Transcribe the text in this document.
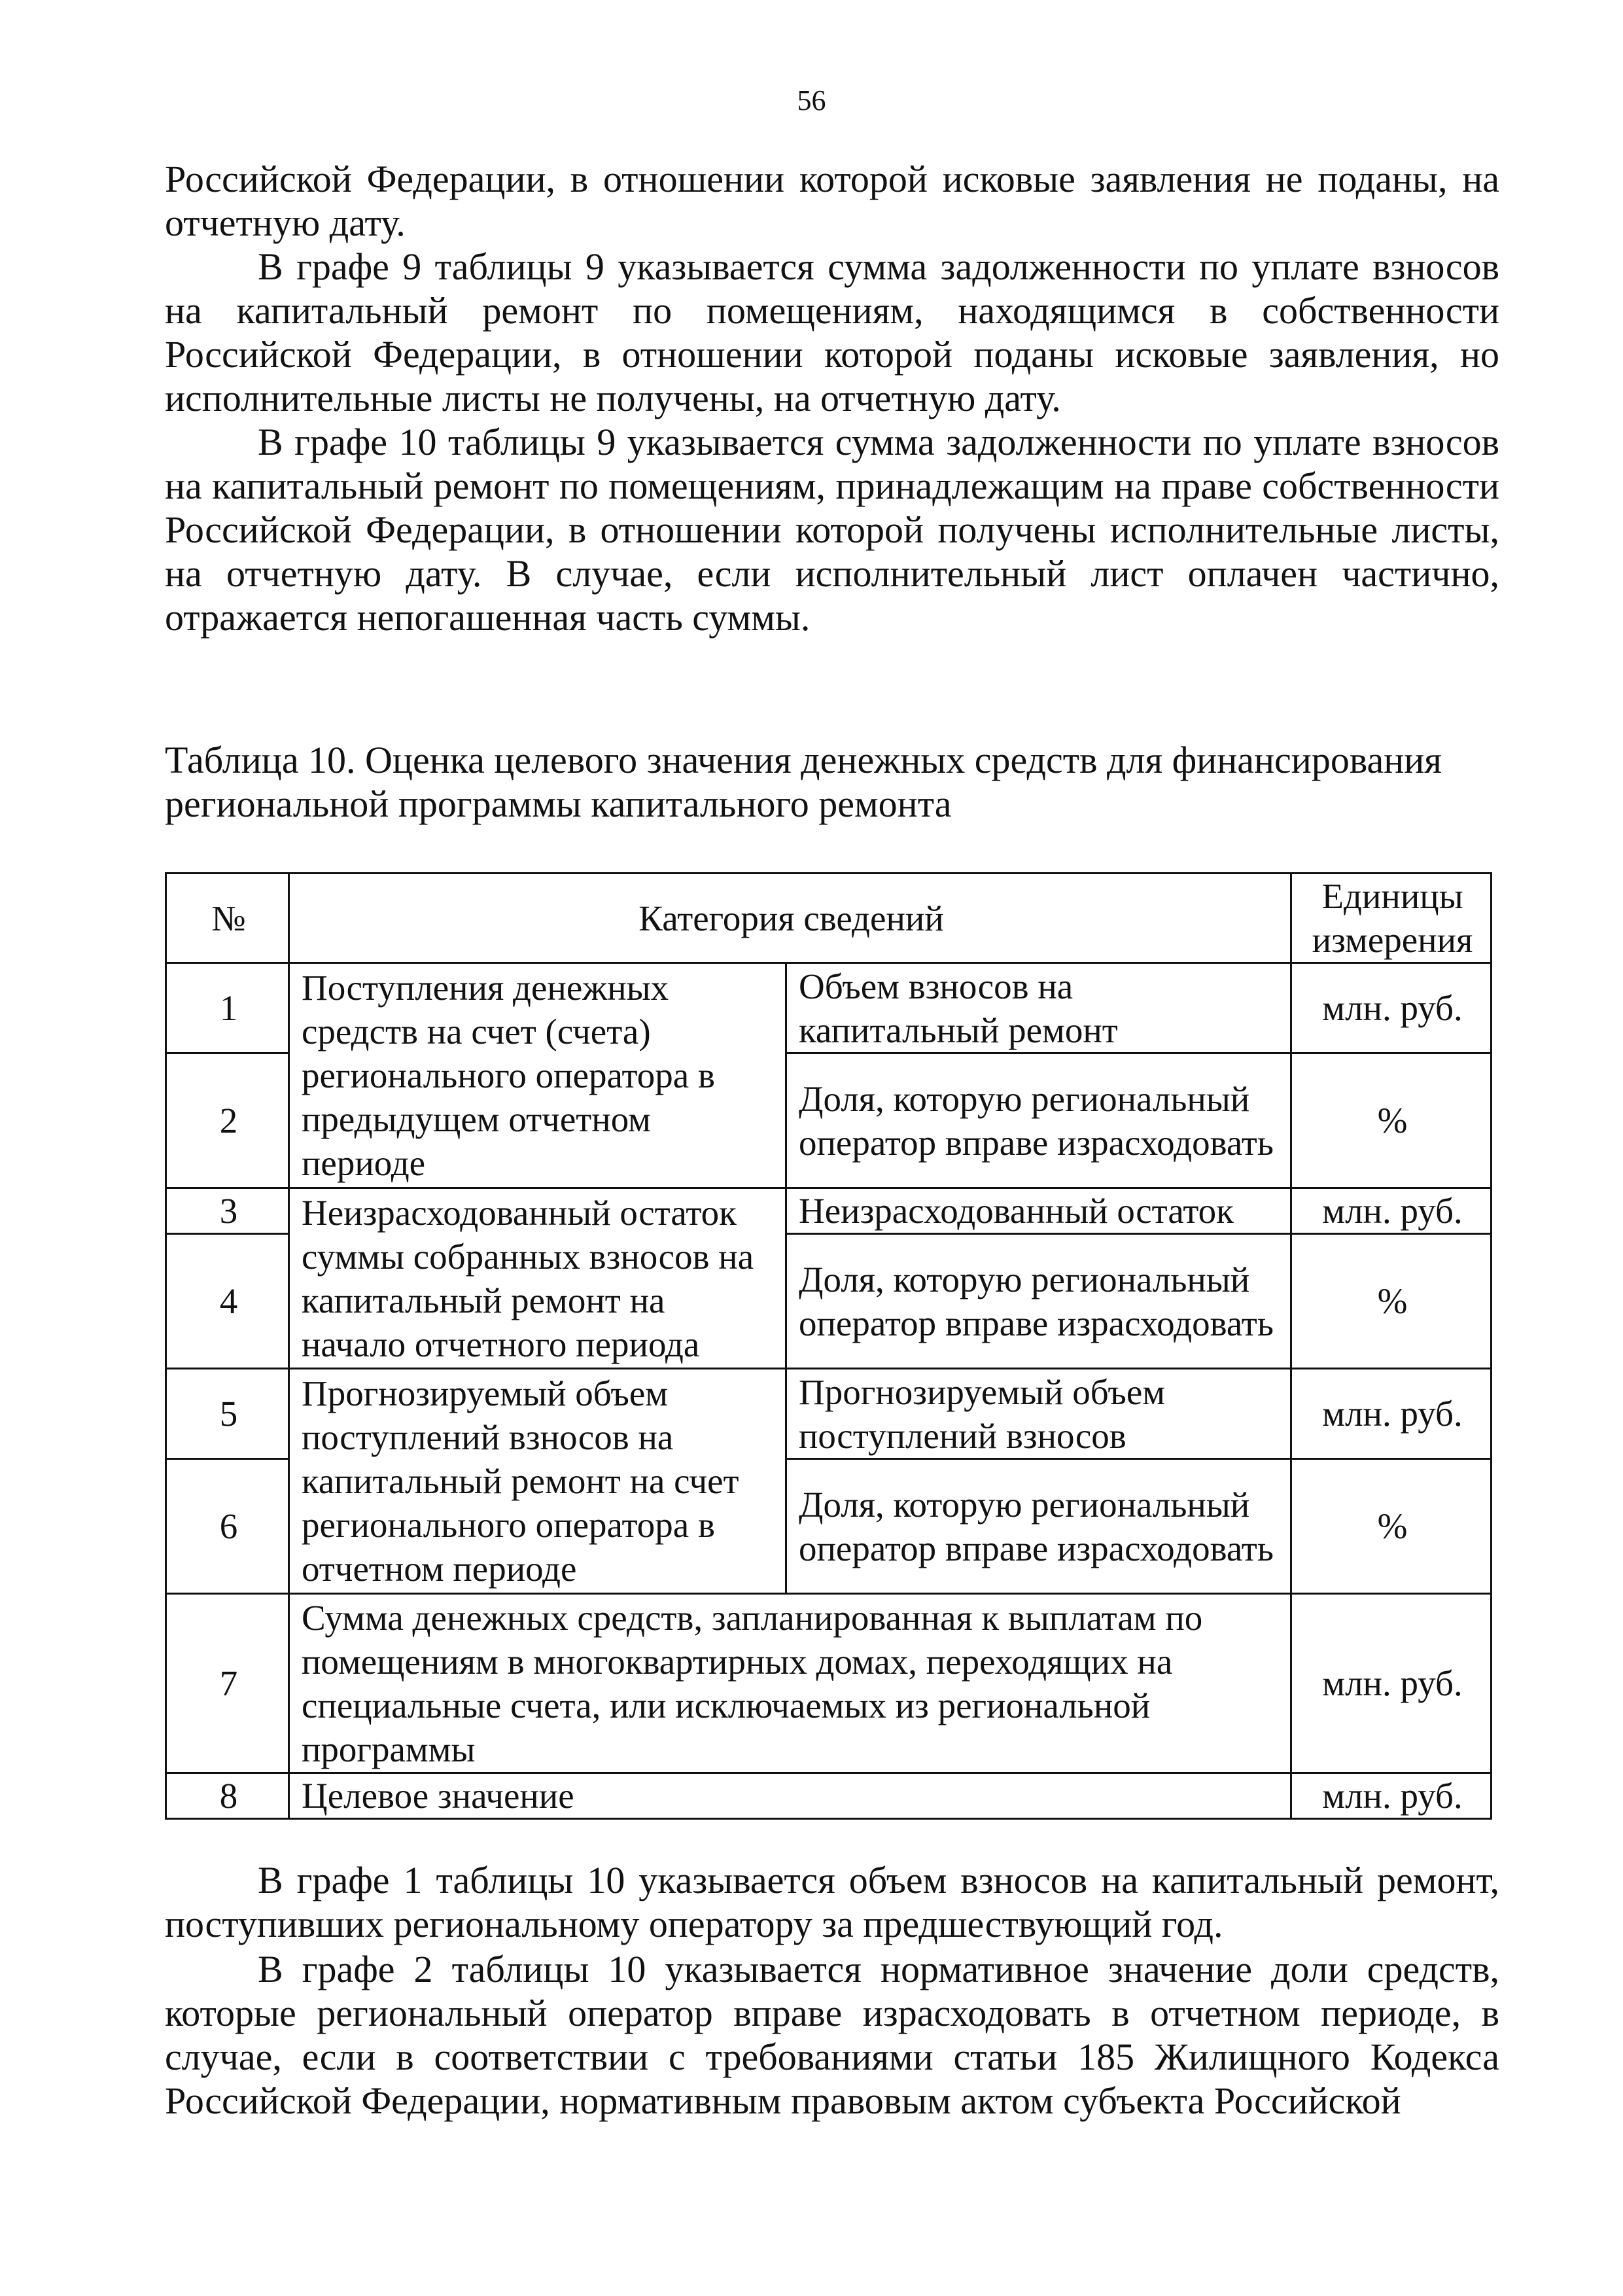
56

Российской Федерации, в отношении которой исковые заявления не поданы, на отчетную дату.

В графе 9 таблицы 9 указывается сумма задолженности по уплате взносов на капитальный ремонт по помещениям, находящимся в собственности Российской Федерации, в отношении которой поданы исковые заявления, но исполнительные листы не получены, на отчетную дату.

В графе 10 таблицы 9 указывается сумма задолженности по уплате взносов на капитальный ремонт по помещениям, принадлежащим на праве собственности Российской Федерации, в отношении которой получены исполнительные листы, на отчетную дату. В случае, если исполнительный лист оплачен частично, отражается непогашенная часть суммы.

Таблица 10. Оценка целевого значения денежных средств для финансирования региональной программы капитального ремонта

№	Категория сведений		Единицы измерения
1	Поступления денежных средств на счет (счета) регионального оператора в предыдущем отчетном периоде	Объем взносов на капитальный ремонт	млн. руб.
2		Доля, которую региональный оператор вправе израсходовать	%
3	Неизрасходованный остаток суммы собранных взносов на капитальный ремонт на начало отчетного периода	Неизрасходованный остаток	млн. руб.
4		Доля, которую региональный оператор вправе израсходовать	%
5	Прогнозируемый объем поступлений взносов на капитальный ремонт на счет регионального оператора в отчетном периоде	Прогнозируемый объем поступлений взносов	млн. руб.
6		Доля, которую региональный оператор вправе израсходовать	%
7	Сумма денежных средств, запланированная к выплатам по помещениям в многоквартирных домах, переходящих на специальные счета, или исключаемых из региональной программы		млн. руб.
8	Целевое значение		млн. руб.

В графе 1 таблицы 10 указывается объем взносов на капитальный ремонт, поступивших региональному оператору за предшествующий год.

В графе 2 таблицы 10 указывается нормативное значение доли средств, которые региональный оператор вправе израсходовать в отчетном периоде, в случае, если в соответствии с требованиями статьи 185 Жилищного Кодекса Российской Федерации, нормативным правовым актом субъекта Российской
